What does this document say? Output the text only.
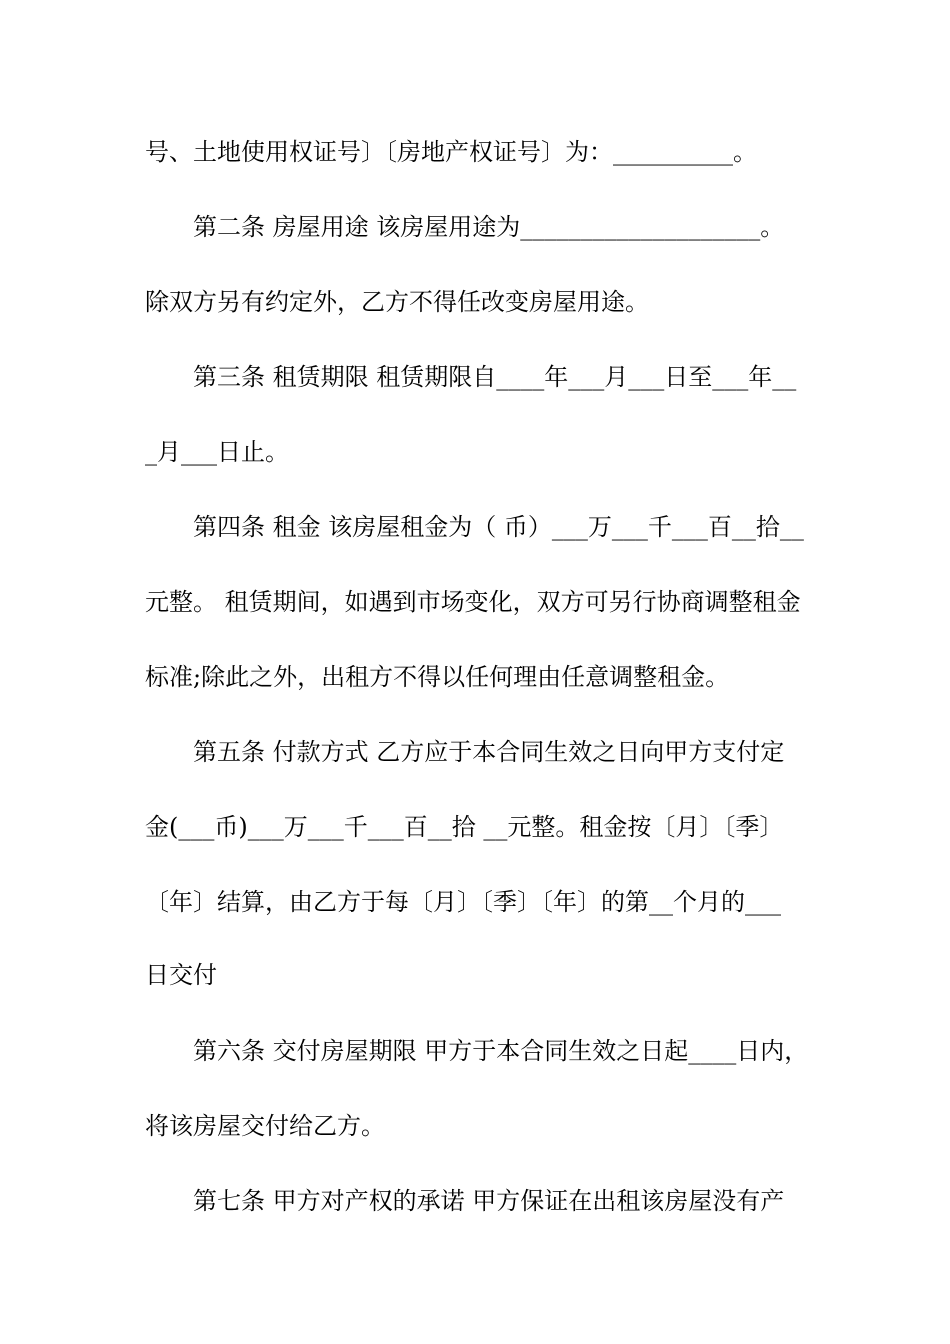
号、土地使用权证号〕〔房地产权证号〕为：__________。
第二条 房屋用途 该房屋用途为____________________。
除双方另有约定外，乙方不得任改变房屋用途。
第三条 租赁期限 租赁期限自____年___月___日至___年__
_月___日止。
第四条 租金 该房屋租金为（ 币）___万___千___百__拾__
元整。 租赁期间，如遇到市场变化，双方可另行协商调整租金
标准;除此之外，出租方不得以任何理由任意调整租金。
第五条 付款方式 乙方应于本合同生效之日向甲方支付定
金(___币)___万___千___百__拾 __元整。租金按〔月〕〔季〕
〔年〕结算，由乙方于每〔月〕〔季〕〔年〕的第__个月的___
日交付
第六条 交付房屋期限 甲方于本合同生效之日起____日内，
将该房屋交付给乙方。
第七条 甲方对产权的承诺 甲方保证在出租该房屋没有产
